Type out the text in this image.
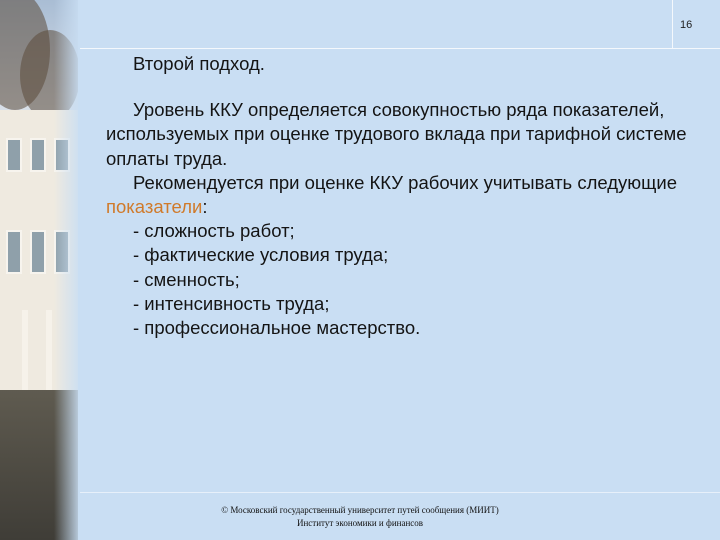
16

Второй подход.

Уровень ККУ определяется совокупностью ряда показателей, используемых при оценке трудового вклада при тарифной системе оплаты труда.

Рекомендуется при оценке ККУ рабочих учитывать следующие показатели:

- сложность работ;

- фактические условия труда;

- сменность;

- интенсивность труда;

- профессиональное мастерство.

© Московский государственный университет путей сообщения (МИИТ)
Институт экономики и финансов
